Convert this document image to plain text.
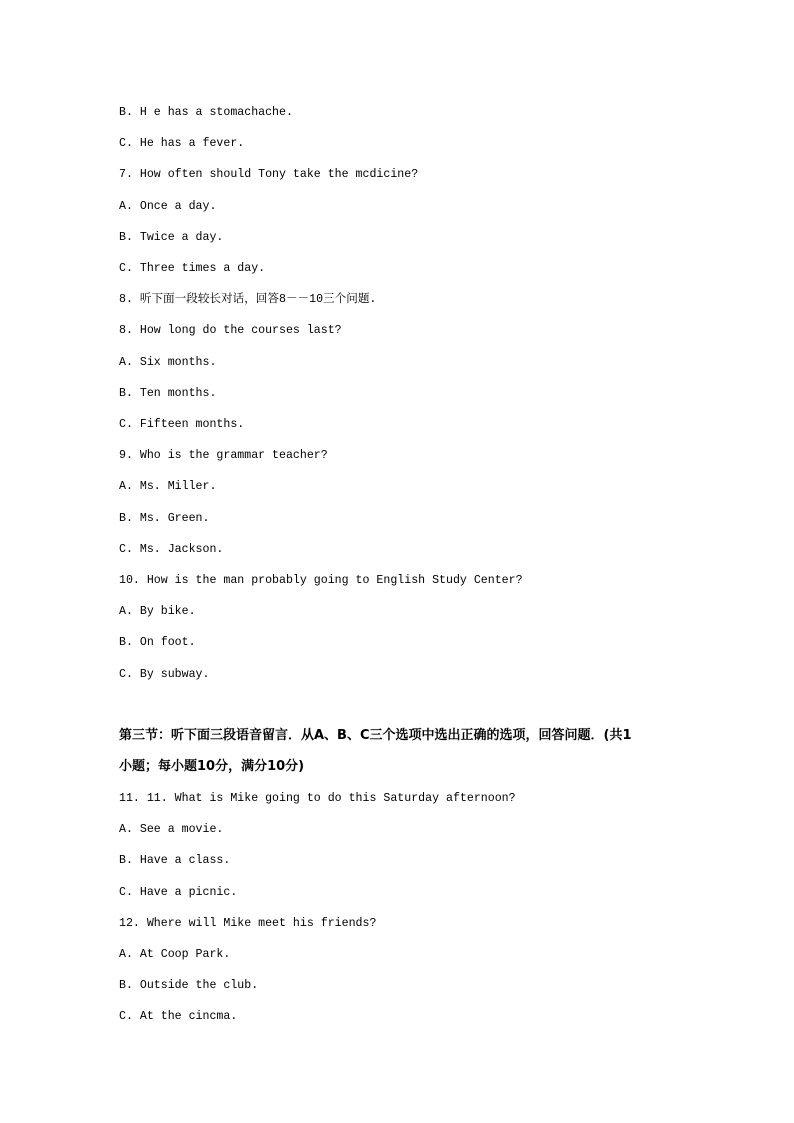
B. H e has a stomachache.
C. He has a fever.
7. How often should Tony take the mcdicine?
A. Once a day.
B. Twice a day.
C. Three times a day.
8. 听下面一段较长对话，回答8－－10三个问题.
8. How long do the courses last?
A. Six months.
B. Ten months.
C. Fifteen months.
9. Who is the grammar teacher?
A. Ms. Miller.
B. Ms. Green.
C. Ms. Jackson.
10. How is the man probably going to English Study Center?
A. By bike.
B. On foot.
C. By subway.
第三节：听下面三段语音留言．从A、B、C三个选项中选出正确的选项，回答问题．(共1
小题；每小题10分，满分10分)
11. 11. What is Mike going to do this Saturday afternoon?
A. See a movie.
B. Have a class.
C. Have a picnic.
12. Where will Mike meet his friends?
A. At Coop Park.
B. Outside the club.
C. At the cincma.
